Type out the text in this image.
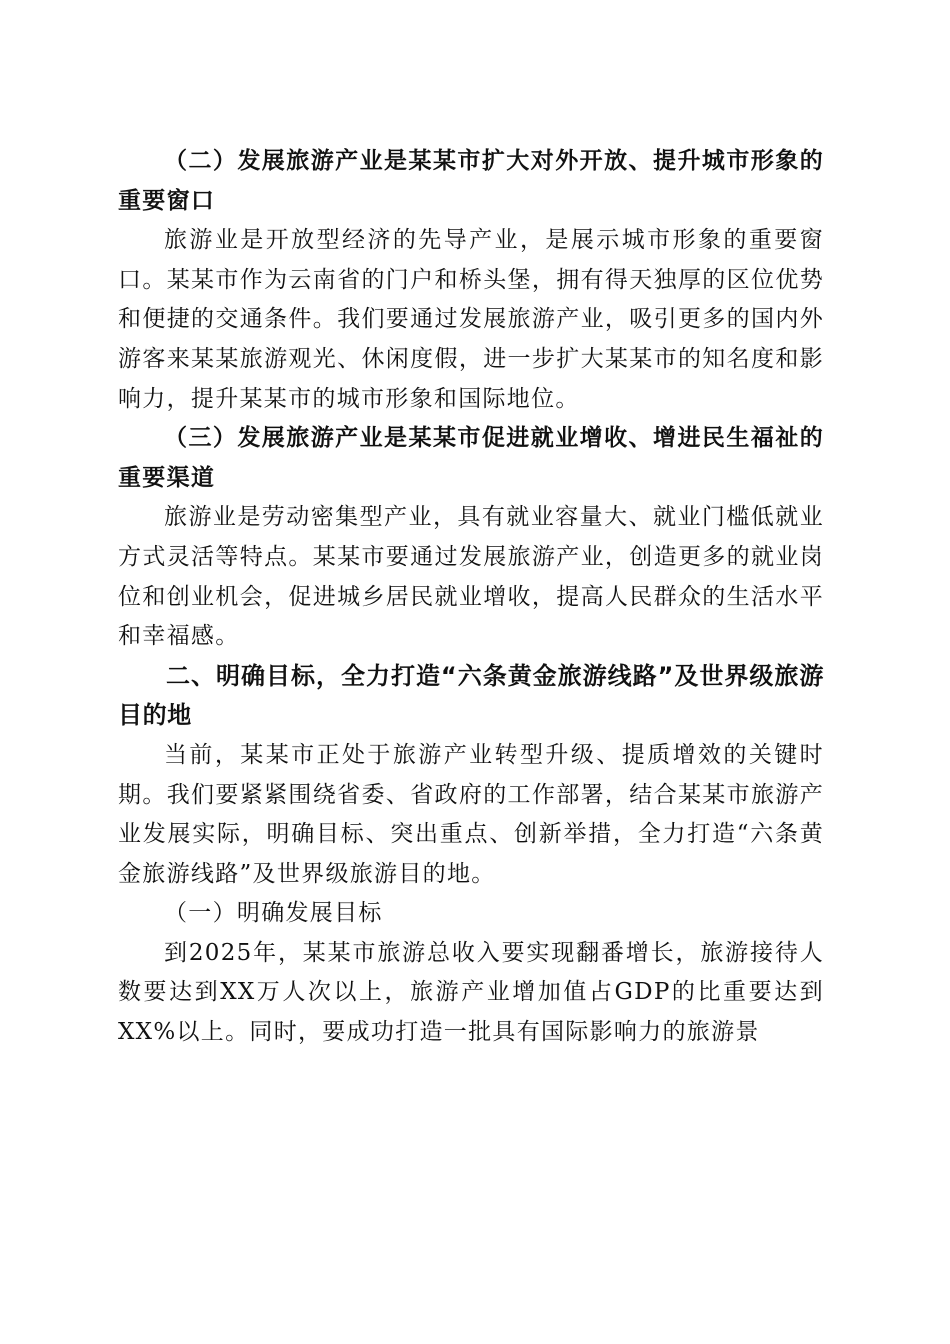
（二）发展旅游产业是某某市扩大对外开放、提升城市形象的重要窗口

旅游业是开放型经济的先导产业，是展示城市形象的重要窗口。某某市作为云南省的门户和桥头堡，拥有得天独厚的区位优势和便捷的交通条件。我们要通过发展旅游产业，吸引更多的国内外游客来某某旅游观光、休闲度假，进一步扩大某某市的知名度和影响力，提升某某市的城市形象和国际地位。

（三）发展旅游产业是某某市促进就业增收、增进民生福祉的重要渠道

旅游业是劳动密集型产业，具有就业容量大、就业门槛低就业方式灵活等特点。某某市要通过发展旅游产业，创造更多的就业岗位和创业机会，促进城乡居民就业增收，提高人民群众的生活水平和幸福感。

二、明确目标，全力打造“六条黄金旅游线路”及世界级旅游目的地

当前，某某市正处于旅游产业转型升级、提质增效的关键时期。我们要紧紧围绕省委、省政府的工作部署，结合某某市旅游产业发展实际，明确目标、突出重点、创新举措，全力打造“六条黄金旅游线路”及世界级旅游目的地。

（一）明确发展目标

到2025年，某某市旅游总收入要实现翻番增长，旅游接待人数要达到XX万人次以上，旅游产业增加值占GDP的比重要达到XX%以上。同时，要成功打造一批具有国际影响力的旅游景
